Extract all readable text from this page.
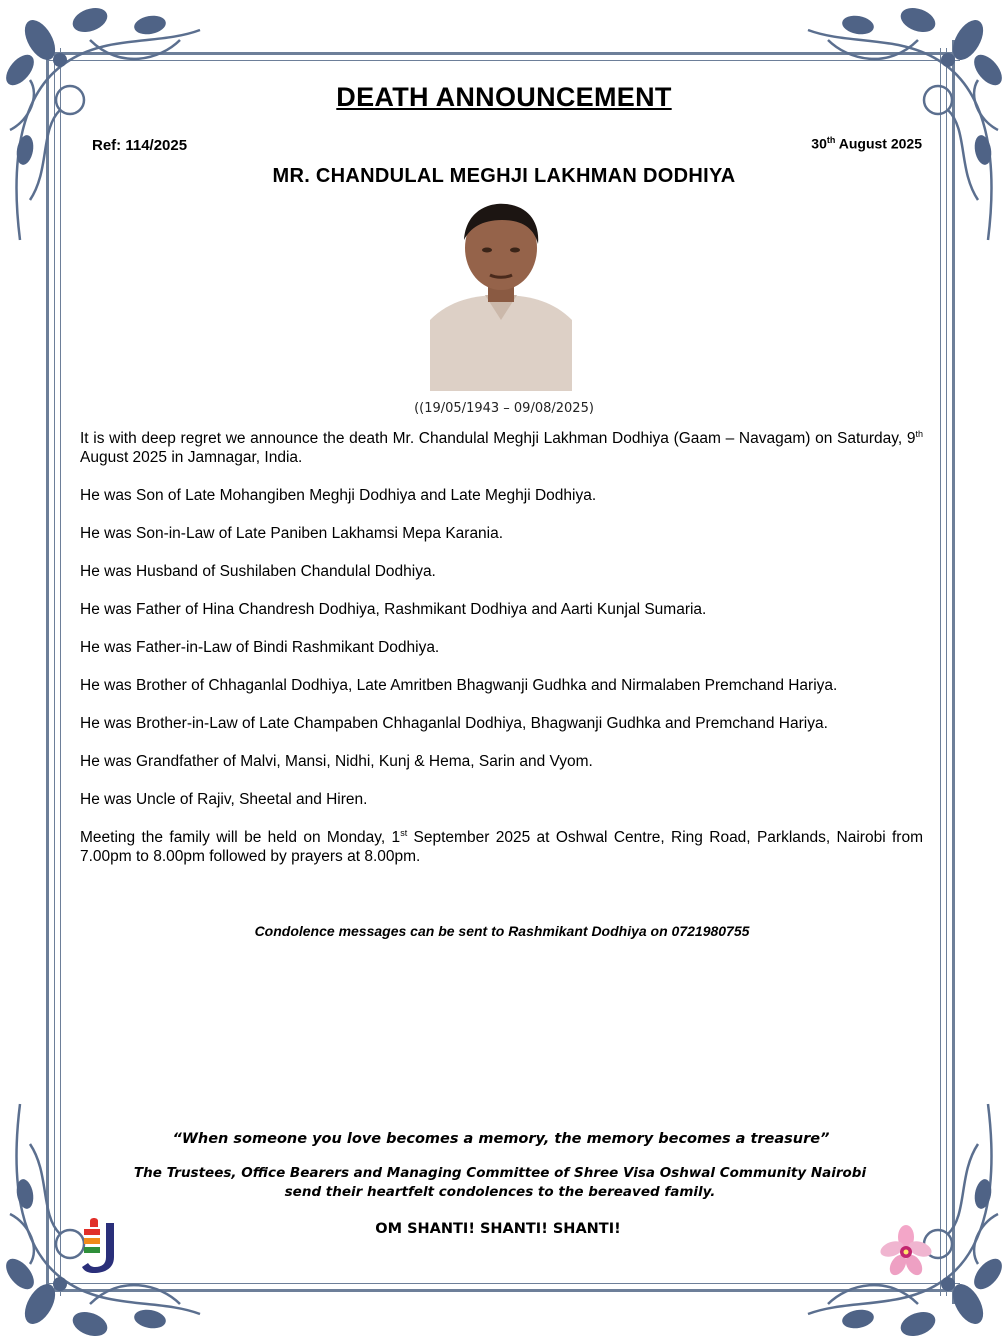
DEATH ANNOUNCEMENT
Ref: 114/2025	30th August 2025
MR. CHANDULAL MEGHJI LAKHMAN DODHIYA
((19/05/1943 – 09/08/2025)

It is with deep regret we announce the death Mr. Chandulal Meghji Lakhman Dodhiya (Gaam – Navagam) on Saturday, 9th August 2025 in Jamnagar, India.

He was Son of Late Mohangiben Meghji Dodhiya and Late Meghji Dodhiya.

He was Son-in-Law of Late Paniben Lakhamsi Mepa Karania.

He was Husband of Sushilaben Chandulal Dodhiya.

He was Father of Hina Chandresh Dodhiya, Rashmikant Dodhiya and Aarti Kunjal Sumaria.

He was Father-in-Law of Bindi Rashmikant Dodhiya.

He was Brother of Chhaganlal Dodhiya, Late Amritben Bhagwanji Gudhka and Nirmalaben Premchand Hariya.

He was Brother-in-Law of Late Champaben Chhaganlal Dodhiya, Bhagwanji Gudhka and Premchand Hariya.

He was Grandfather of Malvi, Mansi, Nidhi, Kunj & Hema, Sarin and Vyom.

He was Uncle of Rajiv, Sheetal and Hiren.

Meeting the family will be held on Monday, 1st September 2025 at Oshwal Centre, Ring Road, Parklands, Nairobi from 7.00pm to 8.00pm followed by prayers at 8.00pm.

Condolence messages can be sent to Rashmikant Dodhiya on 0721980755
“When someone you love becomes a memory, the memory becomes a treasure”
The Trustees, Office Bearers and Managing Committee of Shree Visa Oshwal Community Nairobi
send their heartfelt condolences to the bereaved family.
OM SHANTI! SHANTI! SHANTI!
